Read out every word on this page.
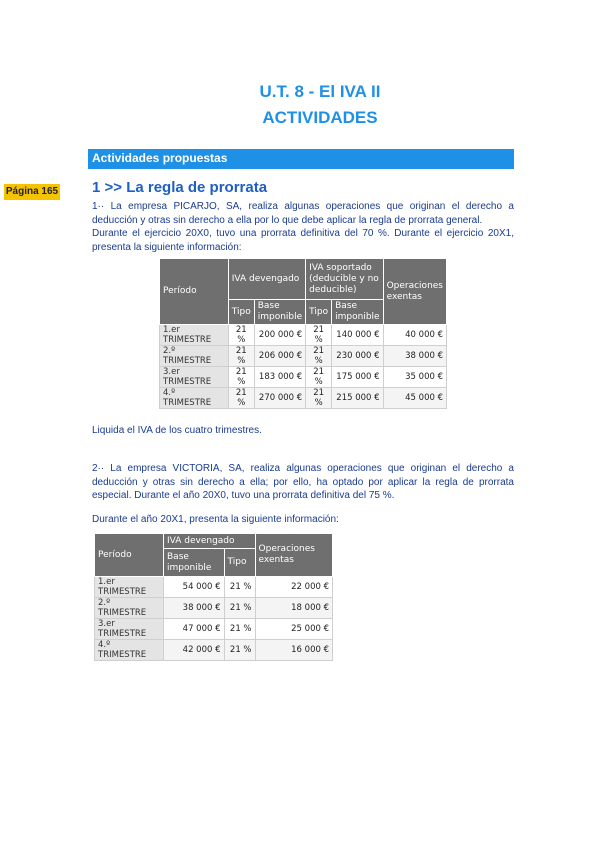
U.T. 8 - El IVA II
ACTIVIDADES
Actividades propuestas
Página 165 1 >> La regla de prorrata

1·· La empresa PICARJO, SA, realiza algunas operaciones que originan el derecho a deducción y otras sin derecho a ella por lo que debe aplicar la regla de prorrata general.

Durante el ejercicio 20X0, tuvo una prorrata definitiva del 70 %. Durante el ejercicio 20X1, presenta la siguiente información:

Período	IVA devengado		IVA soportado (deducible y no deducible)		Operaciones exentas
	Tipo	Base imponible	Tipo	Base imponible	
1.er TRIMESTRE	21 %	200 000 €	21 %	140 000 €	40 000 €
2.º TRIMESTRE	21 %	206 000 €	21 %	230 000 €	38 000 €
3.er TRIMESTRE	21 %	183 000 €	21 %	175 000 €	35 000 €
4.º TRIMESTRE	21 %	270 000 €	21 %	215 000 €	45 000 €
Liquida el IVA de los cuatro trimestres.

2·· La empresa VICTORIA, SA, realiza algunas operaciones que originan el derecho a deducción y otras sin derecho a ella; por ello, ha optado por aplicar la regla de prorrata especial. Durante el año 20X0, tuvo una prorrata definitiva del 75 %.

Durante el año 20X1, presenta la siguiente información:
Período	IVA devengado		Operaciones exentas
	Base imponible	Tipo	
1.er TRIMESTRE	54 000 €	21 %	22 000 €
2.º TRIMESTRE	38 000 €	21 %	18 000 €
3.er TRIMESTRE	47 000 €	21 %	25 000 €
4.º TRIMESTRE	42 000 €	21 %	16 000 €
